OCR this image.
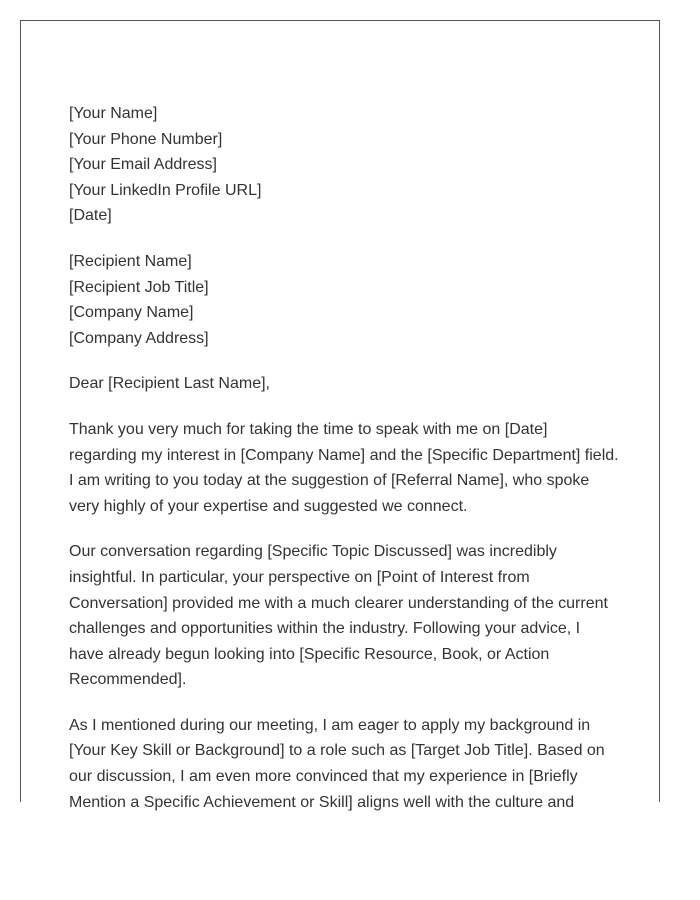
[Your Name]
[Your Phone Number]
[Your Email Address]
[Your LinkedIn Profile URL]
[Date]
[Recipient Name]
[Recipient Job Title]
[Company Name]
[Company Address]

Dear [Recipient Last Name],

Thank you very much for taking the time to speak with me on [Date] regarding my interest in [Company Name] and the [Specific Department] field. I am writing to you today at the suggestion of [Referral Name], who spoke very highly of your expertise and suggested we connect.

Our conversation regarding [Specific Topic Discussed] was incredibly insightful. In particular, your perspective on [Point of Interest from Conversation] provided me with a much clearer understanding of the current challenges and opportunities within the industry. Following your advice, I have already begun looking into [Specific Resource, Book, or Action Recommended].

As I mentioned during our meeting, I am eager to apply my background in [Your Key Skill or Background] to a role such as [Target Job Title]. Based on our discussion, I am even more convinced that my experience in [Briefly Mention a Specific Achievement or Skill] aligns well with the culture and
